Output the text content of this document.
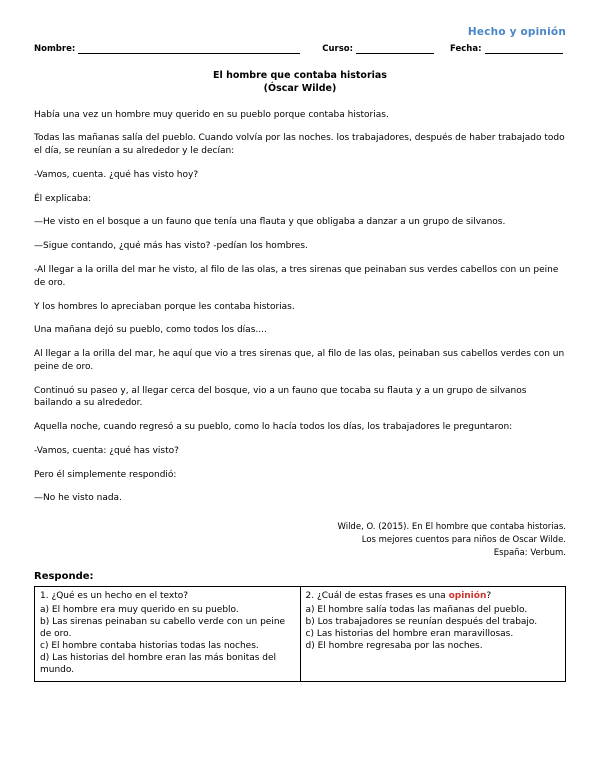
Hecho y opinión
Nombre:	Curso:	Fecha:
El hombre que contaba historias
(Óscar Wilde)

Había una vez un hombre muy querido en su pueblo porque contaba historias.

Todas las mañanas salía del pueblo. Cuando volvía por las noches. los trabajadores, después de haber trabajado todo el día, se reunían a su alrededor y le decían:

-Vamos, cuenta. ¿qué has visto hoy?

Él explicaba:

—He visto en el bosque a un fauno que tenía una flauta y que obligaba a danzar a un grupo de silvanos.

—Sigue contando, ¿qué más has visto? -pedían los hombres.

-Al llegar a la orilla del mar he visto, al filo de las olas, a tres sirenas que peinaban sus verdes cabellos con un peine de oro.

Y los hombres lo apreciaban porque les contaba historias.

Una mañana dejó su pueblo, como todos los días....

Al llegar a la orilla del mar, he aquí que vio a tres sirenas que, al filo de las olas, peinaban sus cabellos verdes con un peine de oro.

Continuó su paseo y, al llegar cerca del bosque, vio a un fauno que tocaba su flauta y a un grupo de silvanos bailando a su alrededor.

Aquella noche, cuando regresó a su pueblo, como lo hacía todos los días, los trabajadores le preguntaron:

-Vamos, cuenta: ¿qué has visto?

Pero él simplemente respondió:

—No he visto nada.

Wilde, O. (2015). En El hombre que contaba historias.
Los mejores cuentos para niños de Oscar Wilde.
España: Verbum.
Responde:

1. ¿Qué es un hecho en el texto?

a) El hombre era muy querido en su pueblo.

b) Las sirenas peinaban su cabello verde con un peine de oro.

c) El hombre contaba historias todas las noches.

d) Las historias del hombre eran las más bonitas del mundo.

2. ¿Cuál de estas frases es una opinión?

a) El hombre salía todas las mañanas del pueblo.

b) Los trabajadores se reunían después del trabajo.

c) Las historias del hombre eran maravillosas.

d) El hombre regresaba por las noches.
